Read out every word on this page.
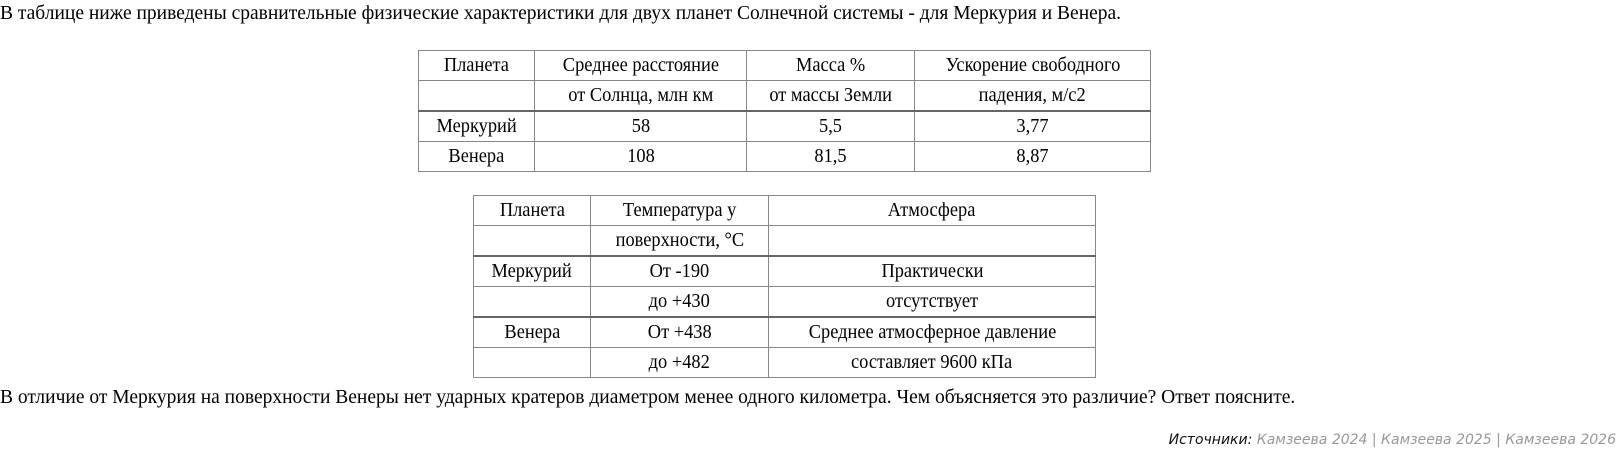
В таблице ниже приведены сравнительные физические характеристики для двух планет Солнечной системы - для Меркурия и Венера.
Планета	Среднее расстояние	Масса %	Ускорение свободного
	от Солнца, млн км	от массы Земли	падения, м/с2
Меркурий	58	5,5	3,77
Венера	108	81,5	8,87
Планета	Температура у	Атмосфера
	поверхности, °C	
Меркурий	От -190	Практически
	до +430	отсутствует
Венера	От +438	Среднее атмосферное давление
	до +482	составляет 9600 кПа
В отличие от Меркурия на поверхности Венеры нет ударных кратеров диаметром менее одного километра. Чем объясняется это различие? Ответ поясните.
Источники: Камзеева 2024 | Камзеева 2025 | Камзеева 2026
